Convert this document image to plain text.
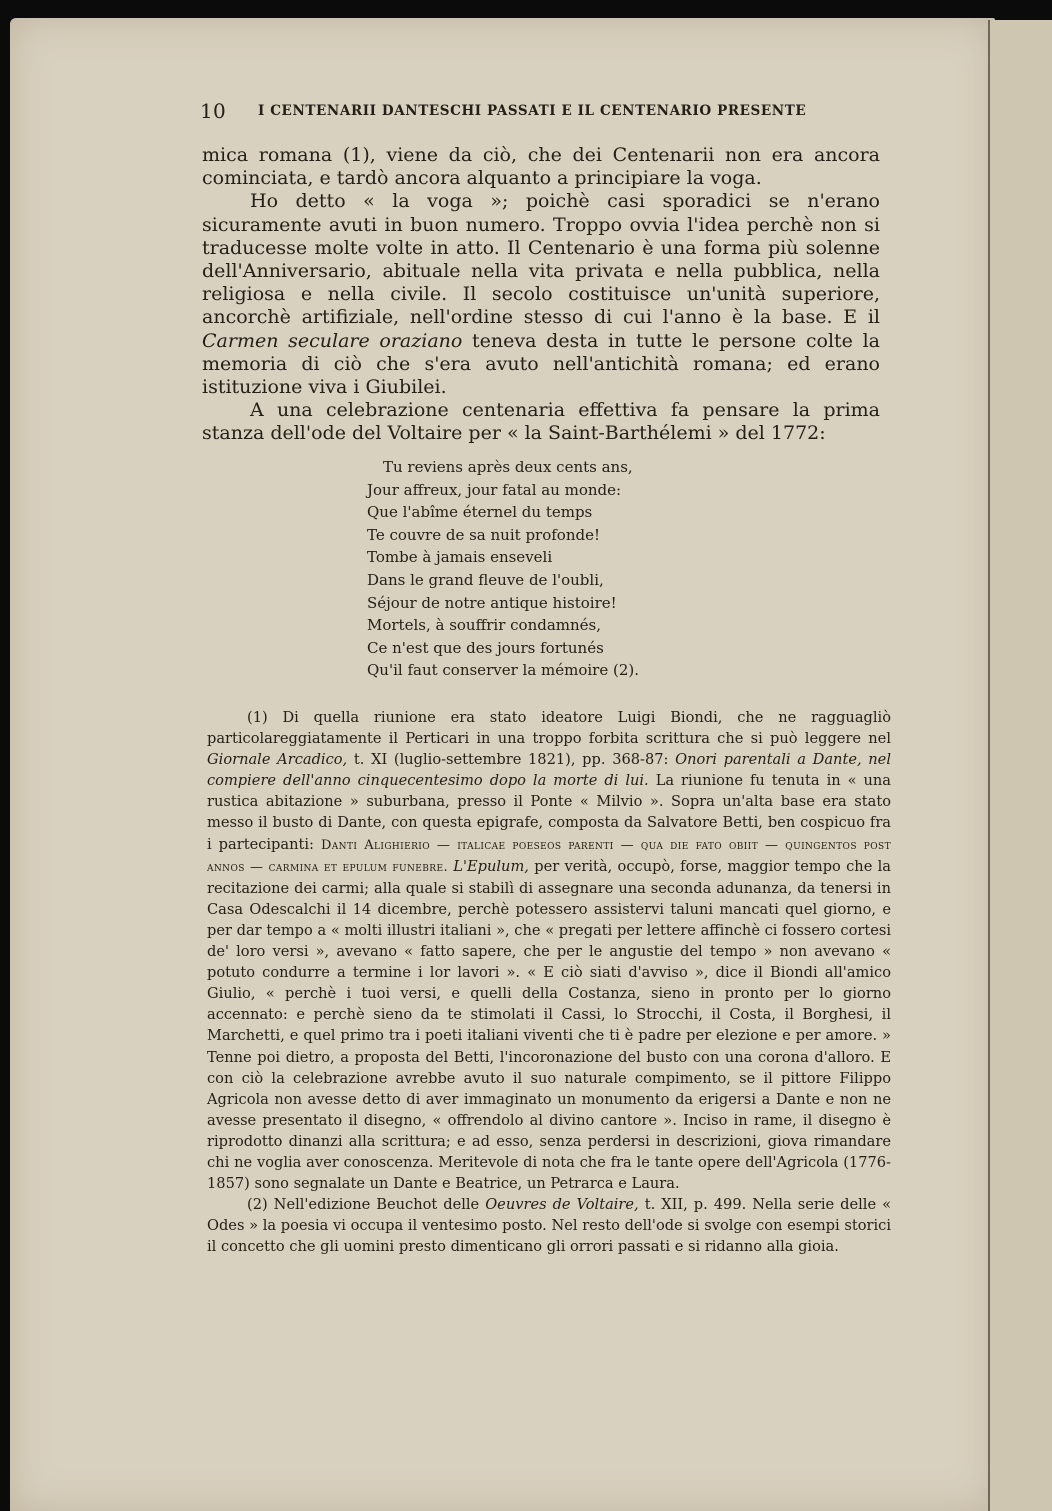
10 I CENTENARII DANTESCHI PASSATI E IL CENTENARIO PRESENTE

mica romana (1), viene da ciò, che dei Centenarii non era ancora cominciata, e tardò ancora alquanto a principiare la voga.

Ho detto « la voga »; poichè casi sporadici se n'erano sicuramente avuti in buon numero. Troppo ovvia l'idea perchè non si traducesse molte volte in atto. Il Centenario è una forma più solenne dell'Anniversario, abituale nella vita privata e nella pubblica, nella religiosa e nella civile. Il secolo costituisce un'unità superiore, ancorchè artifiziale, nell'ordine stesso di cui l'anno è la base. E il Carmen seculare oraziano teneva desta in tutte le persone colte la memoria di ciò che s'era avuto nell'antichità romana; ed erano istituzione viva i Giubilei.

A una celebrazione centenaria effettiva fa pensare la prima stanza dell'ode del Voltaire per « la Saint-Barthélemi » del 1772:

Tu reviens après deux cents ans,
Jour affreux, jour fatal au monde:
Que l'abîme éternel du temps
Te couvre de sa nuit profonde!
Tombe à jamais enseveli
Dans le grand fleuve de l'oubli,
Séjour de notre antique histoire!
Mortels, à souffrir condamnés,
Ce n'est que des jours fortunés
Qu'il faut conserver la mémoire (2).

(1) Di quella riunione era stato ideatore Luigi Biondi, che ne ragguagliò particolareggiatamente il Perticari in una troppo forbita scrittura che si può leggere nel Giornale Arcadico, t. XI (luglio-settembre 1821), pp. 368-87: Onori parentali a Dante, nel compiere dell'anno cinquecentesimo dopo la morte di lui. La riunione fu tenuta in « una rustica abitazione » suburbana, presso il Ponte « Milvio ». Sopra un'alta base era stato messo il busto di Dante, con questa epigrafe, composta da Salvatore Betti, ben cospicuo fra i partecipanti: Danti Alighierio — italicae poeseos parenti — qua die fato obiit — quingentos post annos — carmina et epulum funebre. L'Epulum, per verità, occupò, forse, maggior tempo che la recitazione dei carmi; alla quale si stabilì di assegnare una seconda adunanza, da tenersi in Casa Odescalchi il 14 dicembre, perchè potessero assistervi taluni mancati quel giorno, e per dar tempo a « molti illustri italiani », che « pregati per lettere affinchè ci fossero cortesi de' loro versi », avevano « fatto sapere, che per le angustie del tempo » non avevano « potuto condurre a termine i lor lavori ». « E ciò siati d'avviso », dice il Biondi all'amico Giulio, « perchè i tuoi versi, e quelli della Costanza, sieno in pronto per lo giorno accennato: e perchè sieno da te stimolati il Cassi, lo Strocchi, il Costa, il Borghesi, il Marchetti, e quel primo tra i poeti italiani viventi che ti è padre per elezione e per amore. » Tenne poi dietro, a proposta del Betti, l'incoronazione del busto con una corona d'alloro. E con ciò la celebrazione avrebbe avuto il suo naturale compimento, se il pittore Filippo Agricola non avesse detto di aver immaginato un monumento da erigersi a Dante e non ne avesse presentato il disegno, « offrendolo al divino cantore ». Inciso in rame, il disegno è riprodotto dinanzi alla scrittura; e ad esso, senza perdersi in descrizioni, giova rimandare chi ne voglia aver conoscenza. Meritevole di nota che fra le tante opere dell'Agricola (1776-1857) sono segnalate un Dante e Beatrice, un Petrarca e Laura.

(2) Nell'edizione Beuchot delle Oeuvres de Voltaire, t. XII, p. 499. Nella serie delle « Odes » la poesia vi occupa il ventesimo posto. Nel resto dell'ode si svolge con esempi storici il concetto che gli uomini presto dimenticano gli orrori passati e si ridanno alla gioia.
